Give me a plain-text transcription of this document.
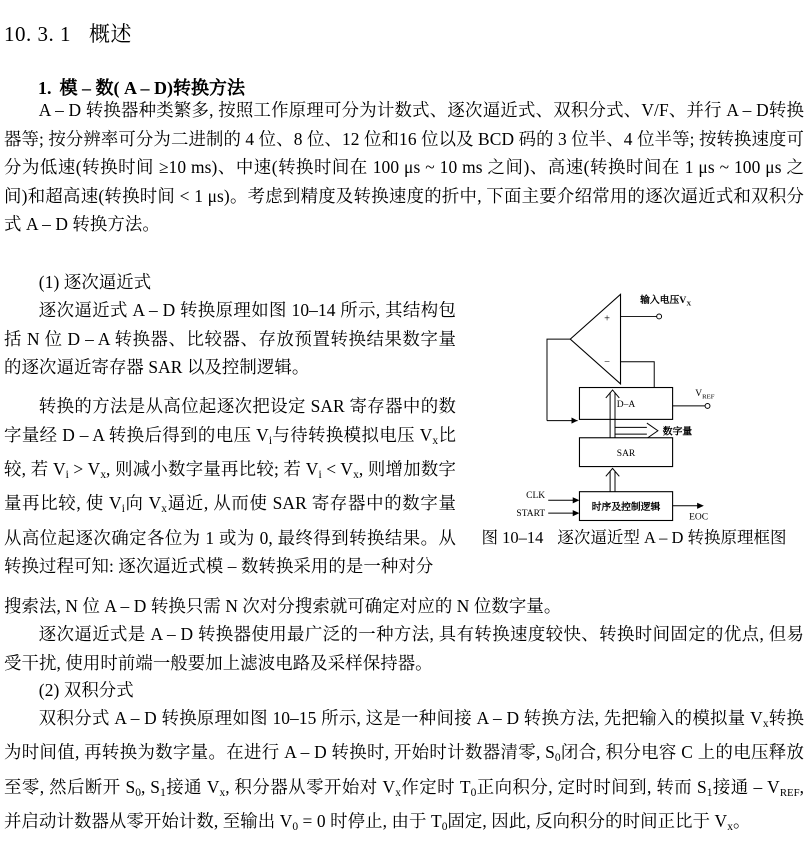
10. 3. 1 概述
1. 模 – 数( A – D)转换方法
A – D 转换器种类繁多, 按照工作原理可分为计数式、逐次逼近式、双积分式、V/F、并行 A – D转换器等; 按分辨率可分为二进制的 4 位、8 位、12 位和16 位以及 BCD 码的 3 位半、4 位半等; 按转换速度可分为低速(转换时间 ≥10 ms)、中速(转换时间在 100 μs ~ 10 ms 之间)、高速(转换时间在 1 μs ~ 100 μs 之间)和超高速(转换时间 < 1 μs)。考虑到精度及转换速度的折中, 下面主要介绍常用的逐次逼近式和双积分式 A – D 转换方法。
(1) 逐次逼近式
逐次逼近式 A – D 转换原理如图 10–14 所示, 其结构包括 N 位 D – A 转换器、比较器、存放预置转换结果数字量的逐次逼近寄存器 SAR 以及控制逻辑。
转换的方法是从高位起逐次把设定 SAR 寄存器中的数字量经 D – A 转换后得到的电压 $V_i$与待转换模拟电压 $V_x$比较, 若 $V_i > V_x$, 则减小数字量再比较; 若 $V_i < V_x$, 则增加数字量再比较, 使 $V_i$向 $V_x$逼近, 从而使 SAR 寄存器中的数字量从高位起逐次确定各位为 1 或为 0, 最终得到转换结果。从转换过程可知: 逐次逼近式模 – 数转换采用的是一种对分
搜索法, N 位 A – D 转换只需 N 次对分搜索就可确定对应的 N 位数字量。
逐次逼近式是 A – D 转换器使用最广泛的一种方法, 具有转换速度较快、转换时间固定的优点, 但易受干扰, 使用时前端一般要加上滤波电路及采样保持器。
(2) 双积分式
双积分式 A – D 转换原理如图 10–15 所示, 这是一种间接 A – D 转换方法, 先把输入的模拟量 $V_x$转换为时间值, 再转换为数字量。在进行 A – D 转换时, 开始时计数器清零, $S_0$闭合, 积分电容 C 上的电压释放至零, 然后断开 $S_0$, $S_1$接通 $V_x$, 积分器从零开始对 $V_x$作定时 $T_0$正向积分, 定时时间到, 转而 $S_1$接通 – $V_{REF}$, 并启动计数器从零开始计数, 至输出 $V_0 = 0$ 时停止, 由于 $T_0$固定, 因此, 反向积分的时间正比于 $V_x$。
+
−
输入电压$V_X$
D–A
$V_{REF}$
数字量
SAR
时序及控制逻辑
CLK
START	EOC
图 10–14 逐次逼近型 A – D 转换原理框图
